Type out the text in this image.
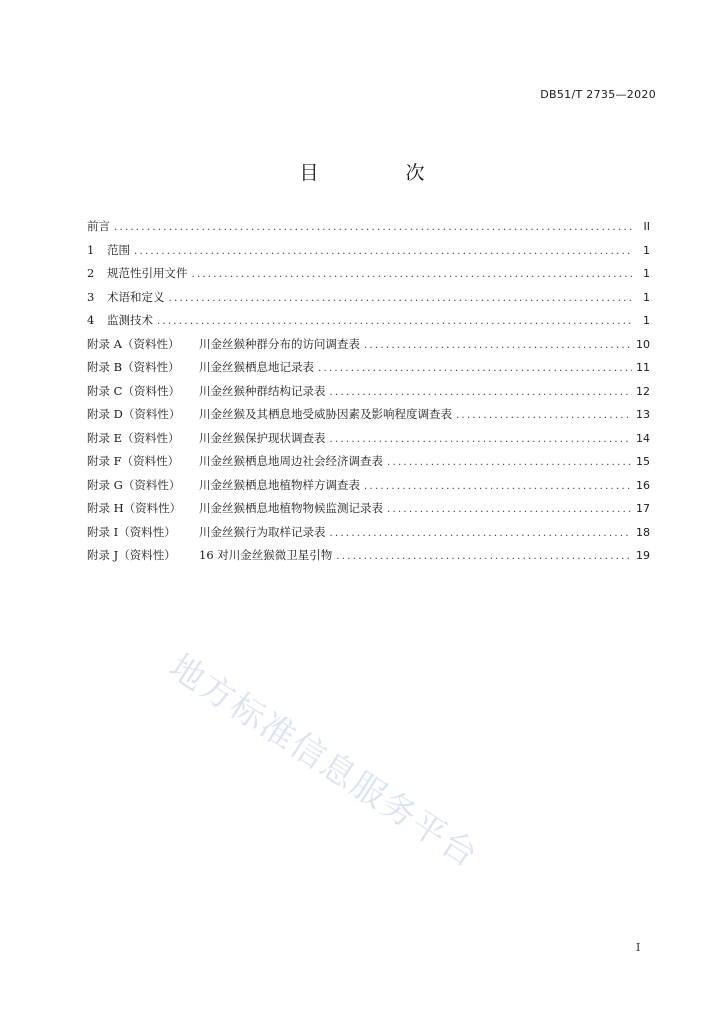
DB51/T 2735—2020
目　次
前言 .....	II
1	范围 .....	1
2	规范性引用文件 .....	1
3	术语和定义 .....	1
4	监测技术 .....	1
附录 A（资料性）	川金丝猴种群分布的访问调查表 .....	10
附录 B（资料性）	川金丝猴栖息地记录表 .....	11
附录 C（资料性）	川金丝猴种群结构记录表 .....	12
附录 D（资料性）	川金丝猴及其栖息地受威胁因素及影响程度调查表 .....	13
附录 E（资料性）	川金丝猴保护现状调查表 .....	14
附录 F（资料性）	川金丝猴栖息地周边社会经济调查表 .....	15
附录 G（资料性）	川金丝猴栖息地植物样方调查表 .....	16
附录 H（资料性）	川金丝猴栖息地植物物候监测记录表 .....	17
附录 I（资料性）	川金丝猴行为取样记录表 .....	18
附录 J（资料性）	16 对川金丝猴微卫星引物 .....	19
地方标准信息服务平台
I
